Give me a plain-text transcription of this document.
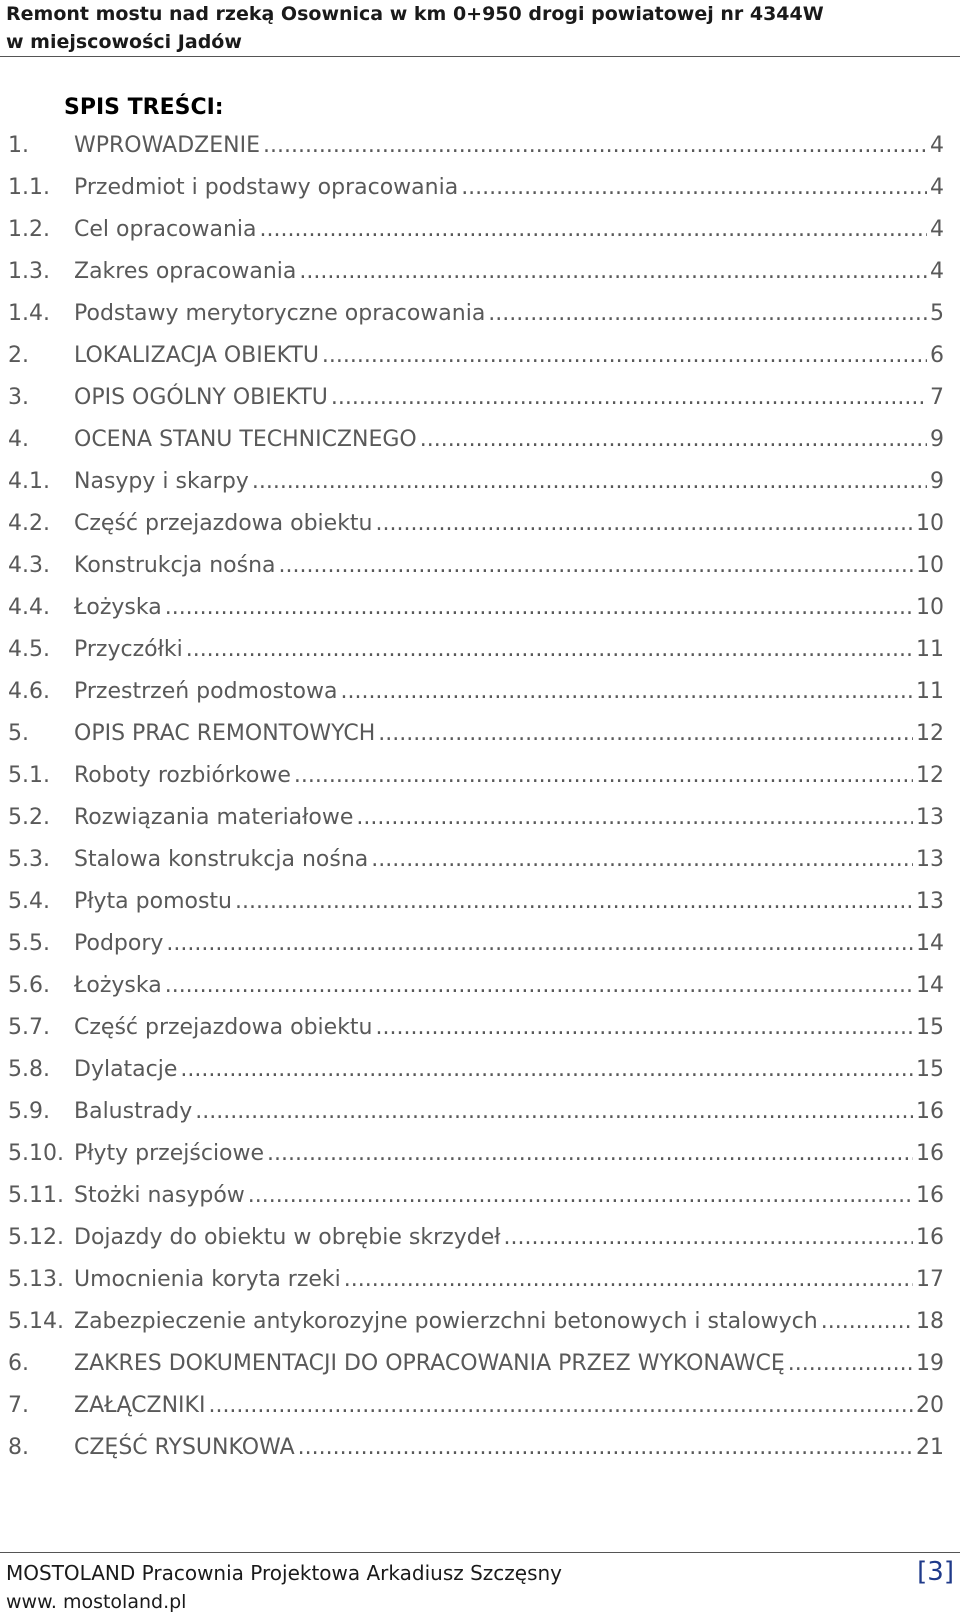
Remont mostu nad rzeką Osownica w km 0+950 drogi powiatowej nr 4344W
w miejscowości Jadów
SPIS TREŚCI:
1.	WPROWADZENIE .....	4
1.1.	Przedmiot i podstawy opracowania .....	4
1.2.	Cel opracowania .....	4
1.3.	Zakres opracowania .....	4
1.4.	Podstawy merytoryczne opracowania .....	5
2.	LOKALIZACJA OBIEKTU .....	6
3.	OPIS OGÓLNY OBIEKTU .....	7
4.	OCENA STANU TECHNICZNEGO .....	9
4.1.	Nasypy i skarpy .....	9
4.2.	Część przejazdowa obiektu .....	10
4.3.	Konstrukcja nośna .....	10
4.4.	Łożyska .....	10
4.5.	Przyczółki .....	11
4.6.	Przestrzeń podmostowa .....	11
5.	OPIS PRAC REMONTOWYCH .....	12
5.1.	Roboty rozbiórkowe .....	12
5.2.	Rozwiązania materiałowe .....	13
5.3.	Stalowa konstrukcja nośna .....	13
5.4.	Płyta pomostu .....	13
5.5.	Podpory .....	14
5.6.	Łożyska .....	14
5.7.	Część przejazdowa obiektu .....	15
5.8.	Dylatacje .....	15
5.9.	Balustrady .....	16
5.10. Płyty przejściowe .....	16
5.11. Stożki nasypów .....	16
5.12. Dojazdy do obiektu w obrębie skrzydeł .....	16
5.13. Umocnienia koryta rzeki .....	17
5.14. Zabezpieczenie antykorozyjne powierzchni betonowych i stalowych .....	18
6.	ZAKRES DOKUMENTACJI DO OPRACOWANIA PRZEZ WYKONAWCĘ .....	19
7.	ZAŁĄCZNIKI .....	20
8.	CZĘŚĆ RYSUNKOWA .....	21
MOSTOLAND Pracownia Projektowa Arkadiusz Szczęsny	[3]
www. mostoland.pl
